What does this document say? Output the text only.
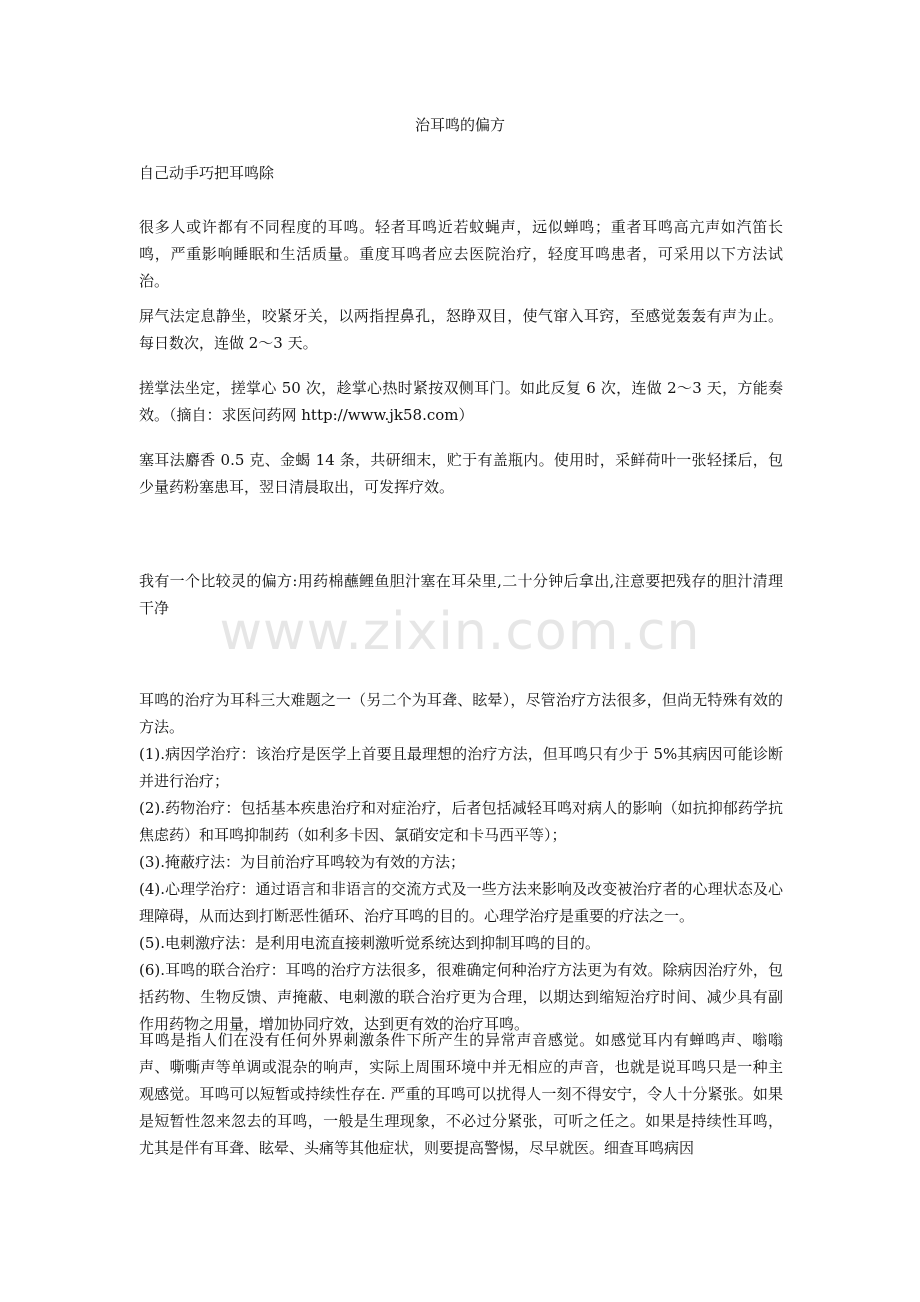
治耳鸣的偏方

自己动手巧把耳鸣除

很多人或许都有不同程度的耳鸣。轻者耳鸣近若蚊蝇声，远似蝉鸣；重者耳鸣高亢声如汽笛长鸣，严重影响睡眠和生活质量。重度耳鸣者应去医院治疗，轻度耳鸣患者，可采用以下方法试治。

屏气法定息静坐，咬紧牙关，以两指捏鼻孔，怒睁双目，使气窜入耳窍，至感觉轰轰有声为止。每日数次，连做 2～3 天。

搓掌法坐定，搓掌心 50 次，趁掌心热时紧按双侧耳门。如此反复 6 次，连做 2～3 天，方能奏效。（摘自：求医问药网 http://www.jk58.com）

塞耳法麝香 0.5 克、金蝎 14 条，共研细末，贮于有盖瓶内。使用时，采鲜荷叶一张轻揉后，包少量药粉塞患耳，翌日清晨取出，可发挥疗效。

我有一个比较灵的偏方:用药棉蘸鲤鱼胆汁塞在耳朵里,二十分钟后拿出,注意要把残存的胆汁清理干净 www.zixin.com.cn
耳鸣的治疗为耳科三大难题之一（另二个为耳聋、眩晕），尽管治疗方法很多，但尚无特殊有效的方法。
(1).病因学治疗：该治疗是医学上首要且最理想的治疗方法，但耳鸣只有少于 5%其病因可能诊断并进行治疗；
(2).药物治疗：包括基本疾患治疗和对症治疗，后者包括减轻耳鸣对病人的影响（如抗抑郁药学抗焦虑药）和耳鸣抑制药（如利多卡因、氯硝安定和卡马西平等）；
(3).掩蔽疗法：为目前治疗耳鸣较为有效的方法；
(4).心理学治疗：通过语言和非语言的交流方式及一些方法来影响及改变被治疗者的心理状态及心理障碍，从而达到打断恶性循环、治疗耳鸣的目的。心理学治疗是重要的疗法之一。
(5).电刺激疗法：是利用电流直接刺激听觉系统达到抑制耳鸣的目的。
(6).耳鸣的联合治疗：耳鸣的治疗方法很多，很难确定何种治疗方法更为有效。除病因治疗外，包括药物、生物反馈、声掩蔽、电刺激的联合治疗更为合理，以期达到缩短治疗时间、减少具有副作用药物之用量，增加协同疗效，达到更有效的治疗耳鸣。

耳鸣是指人们在没有任何外界刺激条件下所产生的异常声音感觉。如感觉耳内有蝉鸣声、嗡嗡声、嘶嘶声等单调或混杂的响声，实际上周围环境中并无相应的声音，也就是说耳鸣只是一种主观感觉。耳鸣可以短暂或持续性存在. 严重的耳鸣可以扰得人一刻不得安宁，令人十分紧张。如果是短暂性忽来忽去的耳鸣，一般是生理现象，不必过分紧张，可听之任之。如果是持续性耳鸣，尤其是伴有耳聋、眩晕、头痛等其他症状，则要提高警惕，尽早就医。细查耳鸣病因
